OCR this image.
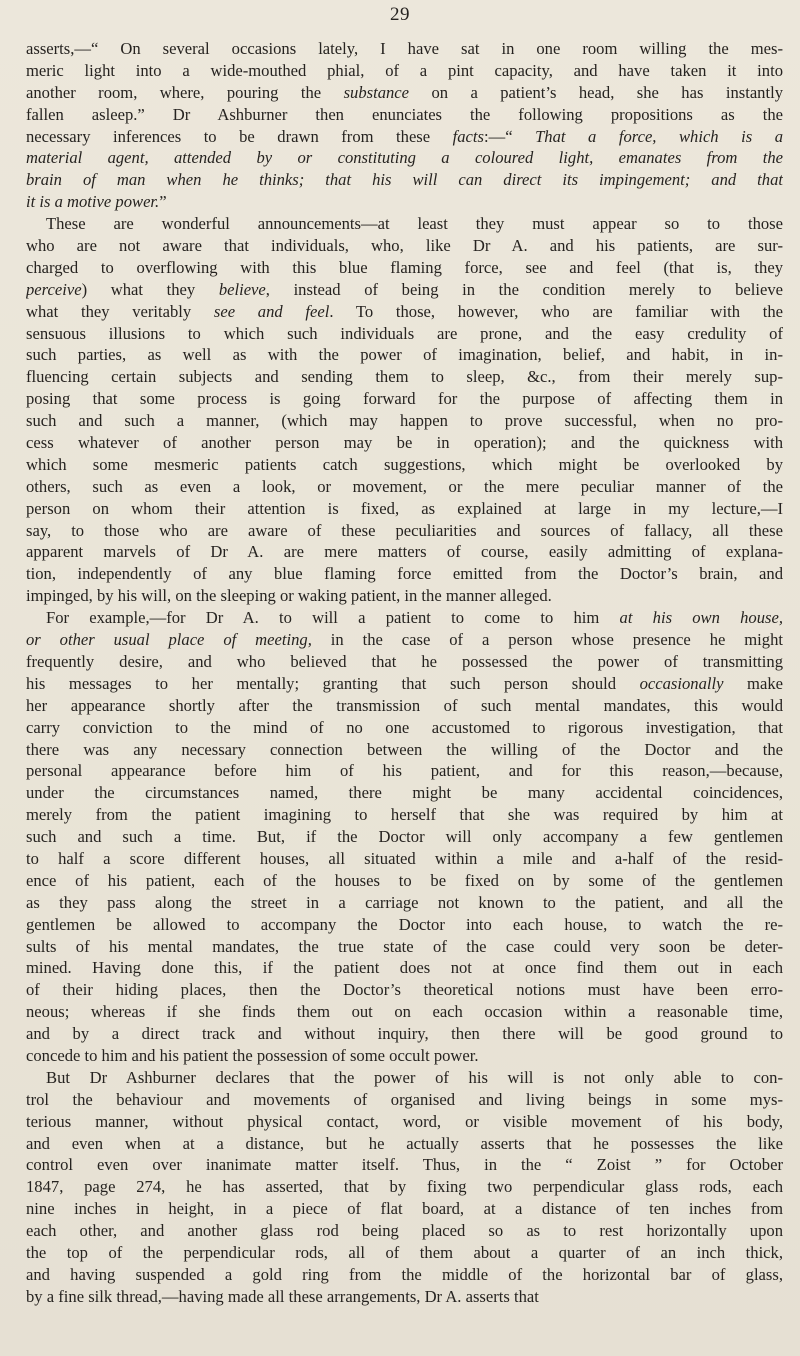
29
asserts,—“ On several occasions lately, I have sat in one room willing the mes-
meric light into a wide-mouthed phial, of a pint capacity, and have taken it into
another room, where, pouring the substance on a patient’s head, she has instantly
fallen asleep.” Dr Ashburner then enunciates the following propositions as the
necessary inferences to be drawn from these facts:—“ That a force, which is a
material agent, attended by or constituting a coloured light, emanates from the
brain of man when he thinks; that his will can direct its impingement; and that
it is a motive power.”
These are wonderful announcements—at least they must appear so to those
who are not aware that individuals, who, like Dr A. and his patients, are sur-
charged to overflowing with this blue flaming force, see and feel (that is, they
perceive) what they believe, instead of being in the condition merely to believe
what they veritably see and feel. To those, however, who are familiar with the
sensuous illusions to which such individuals are prone, and the easy credulity of
such parties, as well as with the power of imagination, belief, and habit, in in-
fluencing certain subjects and sending them to sleep, &c., from their merely sup-
posing that some process is going forward for the purpose of affecting them in
such and such a manner, (which may happen to prove successful, when no pro-
cess whatever of another person may be in operation); and the quickness with
which some mesmeric patients catch suggestions, which might be overlooked by
others, such as even a look, or movement, or the mere peculiar manner of the
person on whom their attention is fixed, as explained at large in my lecture,—I
say, to those who are aware of these peculiarities and sources of fallacy, all these
apparent marvels of Dr A. are mere matters of course, easily admitting of explana-
tion, independently of any blue flaming force emitted from the Doctor’s brain, and
impinged, by his will, on the sleeping or waking patient, in the manner alleged.
For example,—for Dr A. to will a patient to come to him at his own house,
or other usual place of meeting, in the case of a person whose presence he might
frequently desire, and who believed that he possessed the power of transmitting
his messages to her mentally; granting that such person should occasionally make
her appearance shortly after the transmission of such mental mandates, this would
carry conviction to the mind of no one accustomed to rigorous investigation, that
there was any necessary connection between the willing of the Doctor and the
personal appearance before him of his patient, and for this reason,—because,
under the circumstances named, there might be many accidental coincidences,
merely from the patient imagining to herself that she was required by him at
such and such a time. But, if the Doctor will only accompany a few gentlemen
to half a score different houses, all situated within a mile and a-half of the resid-
ence of his patient, each of the houses to be fixed on by some of the gentlemen
as they pass along the street in a carriage not known to the patient, and all the
gentlemen be allowed to accompany the Doctor into each house, to watch the re-
sults of his mental mandates, the true state of the case could very soon be deter-
mined. Having done this, if the patient does not at once find them out in each
of their hiding places, then the Doctor’s theoretical notions must have been erro-
neous; whereas if she finds them out on each occasion within a reasonable time,
and by a direct track and without inquiry, then there will be good ground to
concede to him and his patient the possession of some occult power.
But Dr Ashburner declares that the power of his will is not only able to con-
trol the behaviour and movements of organised and living beings in some mys-
terious manner, without physical contact, word, or visible movement of his body,
and even when at a distance, but he actually asserts that he possesses the like
control even over inanimate matter itself. Thus, in the “ Zoist ” for October
1847, page 274, he has asserted, that by fixing two perpendicular glass rods, each
nine inches in height, in a piece of flat board, at a distance of ten inches from
each other, and another glass rod being placed so as to rest horizontally upon
the top of the perpendicular rods, all of them about a quarter of an inch thick,
and having suspended a gold ring from the middle of the horizontal bar of glass,
by a fine silk thread,—having made all these arrangements, Dr A. asserts that
